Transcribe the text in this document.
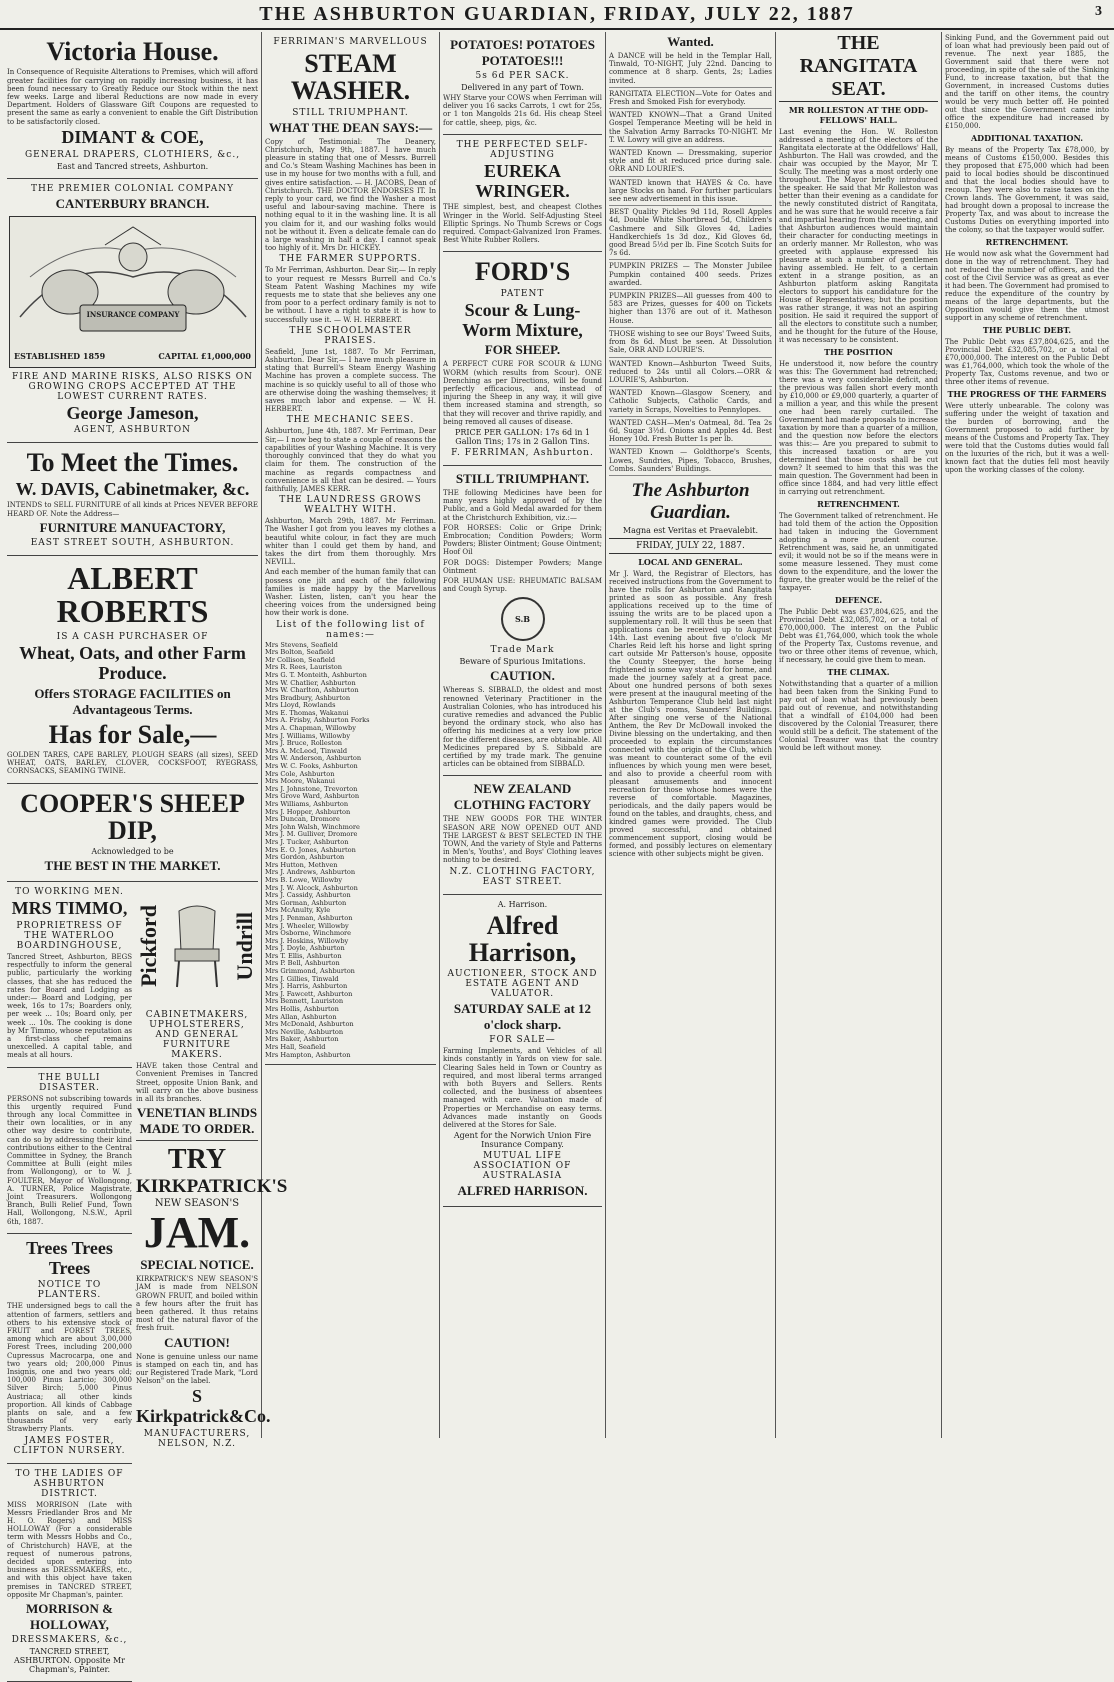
THE ASHBURTON GUARDIAN, FRIDAY, JULY 22, 1887	3
Victoria House.
In Consequence of Requisite Alterations to Premises, which will afford greater facilities for carrying on rapidly increasing business, it has been found necessary to Greatly Reduce our Stock within the next few weeks. Large and liberal Reductions are now made in every Department. Holders of Glassware Gift Coupons are requested to present the same as early a convenient to enable the Gift Distribution to be satisfactorily closed.
DIMANT & COE,
GENERAL DRAPERS, CLOTHIERS, &c.,
East and Tancred streets, Ashburton.
THE PREMIER COLONIAL COMPANY
CANTERBURY BRANCH.
INSURANCE COMPANY
ESTABLISHED 1859	CAPITAL £1,000,000
FIRE AND MARINE RISKS, ALSO RISKS ON GROWING CROPS ACCEPTED AT THE LOWEST CURRENT RATES.
George Jameson,
AGENT, ASHBURTON
To Meet the Times.
W. DAVIS, Cabinetmaker, &c.
INTENDS to SELL FURNITURE of all kinds at Prices NEVER BEFORE HEARD OF. Note the Address—
FURNITURE MANUFACTORY,
EAST STREET SOUTH, ASHBURTON.
ALBERT ROBERTS
IS A CASH PURCHASER OF
Wheat, Oats, and other Farm Produce.
Offers STORAGE FACILITIES on Advantageous Terms.
Has for Sale,—
GOLDEN TARES, CAPE BARLEY, PLOUGH SEARS (all sizes), SEED WHEAT, OATS, BARLEY, CLOVER, COCKSFOOT, RYEGRASS, CORNSACKS, SEAMING TWINE.
COOPER'S SHEEP DIP,
Acknowledged to be
THE BEST IN THE MARKET.
TO WORKING MEN.
MRS TIMMO,
PROPRIETRESS OF THE WATERLOO BOARDINGHOUSE,
Tancred Street, Ashburton, BEGS respectfully to inform the general public, particularly the working classes, that she has reduced the rates for Board and Lodging as under:— Board and Lodging, per week, 16s to 17s; Boarders only, per week ... 10s; Board only, per week ... 10s. The cooking is done by Mr Timmo, whose reputation as a first-class chef remains unexcelled. A capital table, and meals at all hours.
THE BULLI DISASTER.
PERSONS not subscribing towards this urgently required Fund through any local Committee in their own localities, or in any other way desire to contribute, can do so by addressing their kind contributions either to the Central Committee in Sydney, the Branch Committee at Bulli (eight miles from Wollongong), or to W. J. FOULTER, Mayor of Wollongong, A. TURNER, Police Magistrate, Joint Treasurers. Wollongong Branch, Bulli Relief Fund, Town Hall, Wollongong, N.S.W., April 6th, 1887.
Trees Trees Trees
NOTICE TO PLANTERS.
THE undersigned begs to call the attention of farmers, settlers and others to his extensive stock of FRUIT and FOREST TREES, among which are about 3,00,000 Forest Trees, including 200,000 Cupressus Macrocarpa, one and two years old; 200,000 Pinus Insignis, one and two years old; 100,000 Pinus Laricio; 300,000 Silver Birch; 5,000 Pinus Austriaca; all other kinds proportion. All kinds of Cabbage plants on sale, and a few thousands of very early Strawberry Plants.
JAMES FOSTER, CLIFTON NURSERY.
TO THE LADIES OF ASHBURTON DISTRICT.
MISS MORRISON (Late with Messrs Friedlander Bros and Mr H. O. Rogers) and MISS HOLLOWAY (For a considerable term with Messrs Hobbs and Co., of Christchurch) HAVE, at the request of numerous patrons, decided upon entering into business as DRESSMAKERS, etc., and with this object have taken premises in TANCRED STREET, opposite Mr Chapman's, painter.
MORRISON & HOLLOWAY,
DRESSMAKERS, &c.,
TANCRED STREET, ASHBURTON. Opposite Mr Chapman's, Painter.
Pickford	Undrill
CABINETMAKERS, UPHOLSTERERS, AND GENERAL FURNITURE MAKERS.
HAVE taken those Central and Convenient Premises in Tancred Street, opposite Union Bank, and will carry on the above business in all its branches.
VENETIAN BLINDS MADE TO ORDER.
TRY
KIRKPATRICK'S
NEW SEASON'S
JAM.
SPECIAL NOTICE.
KIRKPATRICK'S NEW SEASON'S JAM is made from NELSON GROWN FRUIT, and boiled within a few hours after the fruit has been gathered. It thus retains most of the natural flavor of the fresh fruit.
CAUTION!
None is genuine unless our name is stamped on each tin, and has our Registered Trade Mark, "Lord Nelson" on the label.
S Kirkpatrick&Co.
MANUFACTURERS, NELSON, N.Z.
FERRIMAN'S MARVELLOUS
STEAM WASHER.
STILL TRIUMPHANT.
WHAT THE DEAN SAYS:—
Copy of Testimonial: The Deanery, Christchurch, May 9th, 1887. I have much pleasure in stating that one of Messrs. Burrell and Co.'s Steam Washing Machines has been in use in my house for two months with a full, and gives entire satisfaction. — H. JACOBS, Dean of Christchurch. THE DOCTOR ENDORSES IT. In reply to your card, we find the Washer a most useful and labour-saving machine. There is nothing equal to it in the washing line. It is all you claim for it, and our washing folks would not be without it. Even a delicate female can do a large washing in half a day. I cannot speak too highly of it. Mrs Dr. HICKEY.
THE FARMER SUPPORTS.
To Mr Ferriman, Ashburton. Dear Sir,— In reply to your request re Messrs Burrell and Co.'s Steam Patent Washing Machines my wife requests me to state that she believes any one from poor to a perfect ordinary family is not to be without. I have a right to state it is how to successfully use it. — W. H. HERBERT.
THE SCHOOLMASTER PRAISES.
Seafield, June 1st, 1887. To Mr Ferriman, Ashburton. Dear Sir,— I have much pleasure in stating that Burrell's Steam Energy Washing Machine has proven a complete success. The machine is so quickly useful to all of those who are otherwise doing the washing themselves; it saves much labor and expense. — W. H. HERBERT.
THE MECHANIC SEES.
Ashburton, June 4th, 1887. Mr Ferriman, Dear Sir,— I now beg to state a couple of reasons the capabilities of your Washing Machine. It is very thoroughly convinced that they do what you claim for them. The construction of the machine as regards compactness and convenience is all that can be desired. — Yours faithfully, JAMES KERR.
THE LAUNDRESS GROWS WEALTHY WITH.
Ashburton, March 29th, 1887. Mr Ferriman. The Washer I got from you leaves my clothes a beautiful white colour, in fact they are much whiter than I could get them by hand, and takes the dirt from them thoroughly. Mrs NEVILL.
And each member of the human family that can possess one jilt and each of the following families is made happy by the Marvellous Washer. Listen, listen, can't you hear the cheering voices from the undersigned being how their work is done.
List of the following list of names:—
Mrs Stevens, Seafield
Mrs Bolton, Seafield
Mr Collison, Seafield
Mrs R. Rees, Lauriston
Mrs G. T. Monteith, Ashburton
Mrs W. Chatlier, Ashburton
Mrs W. Charlton, Ashburton
Mrs Bradbury, Ashburton
Mrs Lloyd, Rowlands
Mrs E. Thomas, Wakanui
Mrs A. Frisby, Ashburton Forks
Mrs A. Chapman, Willowby
Mrs J. Williams, Willowby
Mrs J. Bruce, Rolleston
Mrs A. McLeod, Tinwald
Mrs W. Anderson, Ashburton
Mrs W. C. Fooks, Ashburton
Mrs Cole, Ashburton
Mrs Moore, Wakanui
Mrs J. Johnstone, Trevorton
Mrs Grove Ward, Ashburton
Mrs Williams, Ashburton
Mrs J. Hopper, Ashburton
Mrs Duncan, Dromore
Mrs John Walsh, Winchmore
Mrs J. M. Gulliver, Dromore
Mrs J. Tucker, Ashburton
Mrs E. O. Jones, Ashburton
Mrs Gordon, Ashburton
Mrs Hutton, Methven
Mrs J. Andrews, Ashburton
Mrs B. Lowe, Willowby
Mrs J. W. Alcock, Ashburton
Mrs J. Cassidy, Ashburton
Mrs Gorman, Ashburton
Mrs McAnulty, Kyle
Mrs J. Penman, Ashburton
Mrs J. Wheeler, Willowby
Mrs Osborne, Winchmore
Mrs J. Hoskins, Willowby
Mrs J. Doyle, Ashburton
Mrs T. Ellis, Ashburton
Mrs P. Bell, Ashburton
Mrs Grimmond, Ashburton
Mrs J. Gillies, Tinwald
Mrs J. Harris, Ashburton
Mrs J. Fawcett, Ashburton
Mrs Bennett, Lauriston
Mrs Hollis, Ashburton
Mrs Allan, Ashburton
Mrs McDonald, Ashburton
Mrs Neville, Ashburton
Mrs Baker, Ashburton
Mrs Hall, Seafield
Mrs Hampton, Ashburton
POTATOES! POTATOES POTATOES!!!
5s 6d PER SACK.
Delivered in any part of Town.
WHY Starve your COWS when Ferriman will deliver you 16 sacks Carrots, 1 cwt for 25s, or 1 ton Mangolds 21s 6d. His cheap Steel for cattle, sheep, pigs, &c.
THE PERFECTED SELF-ADJUSTING
EUREKA WRINGER.
THE simplest, best, and cheapest Clothes Wringer in the World. Self-Adjusting Steel Elliptic Springs. No Thumb Screws or Cogs required. Compact-Galvanized Iron Frames. Best White Rubber Rollers.
FORD'S
PATENT
Scour & Lung-Worm Mixture,
FOR SHEEP.
A PERFECT CURE FOR SCOUR & LUNG WORM (which results from Scour). ONE Drenching as per Directions, will be found perfectly efficacious, and, instead of injuring the Sheep in any way, it will give them increased stamina and strength, so that they will recover and thrive rapidly, and being removed all causes of disease.
PRICE PER GALLON: 17s 6d in 1 Gallon Tins; 17s in 2 Gallon Tins.
F. FERRIMAN, Ashburton.
STILL TRIUMPHANT.
THE following Medicines have been for many years highly approved of by the Public, and a Gold Medal awarded for them at the Christchurch Exhibition, viz.:—
FOR HORSES: Colic or Gripe Drink; Embrocation; Condition Powders; Worm Powders; Blister Ointment; Gouse Ointment; Hoof Oil
FOR DOGS: Distemper Powders; Mange Ointment
FOR HUMAN USE: RHEUMATIC BALSAM and Cough Syrup.
S.B
Trade Mark
Beware of Spurious Imitations.
CAUTION.
Whereas S. SIBBALD, the oldest and most renowned Veterinary Practitioner in the Australian Colonies, who has introduced his curative remedies and advanced the Public beyond the ordinary stock, who also has offering his medicines at a very low price for the different diseases, are obtainable. All Medicines prepared by S. Sibbald are certified by my trade mark. The genuine articles can be obtained from SIBBALD.
NEW ZEALAND CLOTHING FACTORY
THE NEW GOODS FOR THE WINTER SEASON ARE NOW OPENED OUT AND THE LARGEST & BEST SELECTED IN THE TOWN, And the variety of Style and Patterns in Men's, Youths', and Boys' Clothing leaves nothing to be desired.
N.Z. CLOTHING FACTORY, EAST STREET.
A. Harrison.
Alfred Harrison,
AUCTIONEER, STOCK AND ESTATE AGENT AND VALUATOR.
SATURDAY SALE at 12 o'clock sharp.
FOR SALE—
Farming Implements, and Vehicles of all kinds constantly in Yards on view for sale. Clearing Sales held in Town or Country as required, and most liberal terms arranged with both Buyers and Sellers. Rents collected, and the business of absentees managed with care. Valuation made of Properties or Merchandise on easy terms. Advances made instantly on Goods delivered at the Stores for Sale.
Agent for the Norwich Union Fire Insurance Company.
MUTUAL LIFE ASSOCIATION OF AUSTRALASIA
ALFRED HARRISON.
Wanted.
A DANCE will be held in the Templar Hall, Tinwald, TO-NIGHT, July 22nd. Dancing to commence at 8 sharp. Gents, 2s; Ladies invited.
RANGITATA ELECTION—Vote for Oates and Fresh and Smoked Fish for everybody.
WANTED KNOWN—That a Grand United Gospel Temperance Meeting will be held in the Salvation Army Barracks TO-NIGHT. Mr T. W. Lowry will give an address.
WANTED Known — Dressmaking, superior style and fit at reduced price during sale. ORR AND LOURIE'S.
WANTED known that HAYES & Co. have large Stocks on hand. For further particulars see new advertisement in this issue.
BEST Quality Pickles 9d 11d, Rosell Apples 4d, Double White Shortbread 5d, Children's Cashmere and Silk Gloves 4d, Ladies Handkerchiefs 1s 3d doz., Kid Gloves 6d, good Bread 5½d per lb. Fine Scotch Suits for 7s 6d.
PUMPKIN PRIZES — The Monster Jubilee Pumpkin contained 400 seeds. Prizes awarded.
PUMPKIN PRIZES—All guesses from 400 to 583 are Prizes, guesses for 400 on Tickets higher than 1376 are out of it. Matheson House.
THOSE wishing to see our Boys' Tweed Suits, from 8s 6d. Must be seen. At Dissolution Sale, ORR AND LOURIE'S.
WANTED Known—Ashburton Tweed Suits, reduced to 24s until all Colors.—ORR & LOURIE'S, Ashburton.
WANTED Known—Glasgow Scenery, and Catholic Subjects, Catholic Cards, and variety in Scraps, Novelties to Pennylopes.
WANTED CASH—Men's Oatmeal, 8d. Tea 2s 6d, Sugar 3½d. Onions and Apples 4d. Best Honey 10d. Fresh Butter 1s per lb.
WANTED Known — Goldthorpe's Scents, Lowes, Sundries, Pipes, Tobacco, Brushes, Combs. Saunders' Buildings.
The Ashburton Guardian.
Magna est Veritas et Praevalebit.
FRIDAY, JULY 22, 1887.
LOCAL AND GENERAL.
Mr J. Ward, the Registrar of Electors, has received instructions from the Government to have the rolls for Ashburton and Rangitata printed as soon as possible. Any fresh applications received up to the time of issuing the writs are to be placed upon a supplementary roll. It will thus be seen that applications can be received up to August 14th. Last evening about five o'clock Mr Charles Reid left his horse and light spring cart outside Mr Patterson's house, opposite the County Steepyer, the horse being frightened in some way started for home, and made the journey safely at a great pace. About one hundred persons of both sexes were present at the inaugural meeting of the Ashburton Temperance Club held last night at the Club's rooms, Saunders' Buildings. After singing one verse of the National Anthem, the Rev Dr McDowall invoked the Divine blessing on the undertaking, and then proceeded to explain the circumstances connected with the origin of the Club, which was meant to counteract some of the evil influences by which young men were beset, and also to provide a cheerful room with pleasant amusements and innocent recreation for those whose homes were the reverse of comfortable. Magazines, periodicals, and the daily papers would be found on the tables, and draughts, chess, and kindred games were provided. The Club proved successful, and obtained commencement support, closing would be formed, and possibly lectures on elementary science with other subjects might be given.
THE RANGITATA SEAT.
MR ROLLESTON AT THE ODD-FELLOWS' HALL.
Last evening the Hon. W. Rolleston addressed a meeting of the electors of the Rangitata electorate at the Oddfellows' Hall, Ashburton. The Hall was crowded, and the chair was occupied by the Mayor, Mr T. Scully. The meeting was a most orderly one throughout. The Mayor briefly introduced the speaker. He said that Mr Rolleston was better than their evening as a candidate for the newly constituted district of Rangitata, and he was sure that he would receive a fair and impartial hearing from the meeting, and that Ashburton audiences would maintain their character for conducting meetings in an orderly manner. Mr Rolleston, who was greeted with applause expressed his pleasure at such a number of gentlemen having assembled. He felt, to a certain extent in a strange position, as an Ashburton platform asking Rangitata electors to support his candidature for the House of Representatives; but the position was rather strange, it was not an aspiring position. He said it required the support of all the electors to constitute such a number, and he thought for the future of the House, it was necessary to be consistent.
THE POSITION
He understood it, now before the country was this: The Government had retrenched; there was a very considerable deficit, and the previous was fallen short every month by £10,000 or £9,000 quarterly, a quarter of a million a year, and this while the present one had been rarely curtailed. The Government had made proposals to increase taxation by more than a quarter of a million, and the question now before the electors was this:— Are you prepared to submit to this increased taxation or are you determined that those costs shall be cut down? It seemed to him that this was the main question. The Government had been in office since 1884, and had very little effect in carrying out retrenchment.
RETRENCHMENT.
The Government talked of retrenchment. He had told them of the action the Opposition had taken in inducing the Government adopting a more prudent course. Retrenchment was, said he, an unmitigated evil; it would not be so if the means were in some measure lessened. They must come down to the expenditure, and the lower the figure, the greater would be the relief of the taxpayer.
DEFENCE.
The Public Debt was £37,804,625, and the Provincial Debt £32,085,702, or a total of £70,000,000. The interest on the Public Debt was £1,764,000, which took the whole of the Property Tax, Customs revenue, and two or three other items of revenue, which, if necessary, he could give them to mean.
THE CLIMAX.
Notwithstanding that a quarter of a million had been taken from the Sinking Fund to pay out of loan what had previously been paid out of revenue, and notwithstanding that a windfall of £104,000 had been discovered by the Colonial Treasurer, there would still be a deficit. The statement of the Colonial Treasurer was that the country would be left without money.
Sinking Fund, and the Government paid out of loan what had previously been paid out of revenue. The next year 1885, the Government said that there were not proceeding, in spite of the sale of the Sinking Fund, to increase taxation, but that the Government, in increased Customs duties and the tariff on other items, the country would be very much better off. He pointed out that since the Government came into office the expenditure had increased by £150,000.
ADDITIONAL TAXATION.
By means of the Property Tax £78,000, by means of Customs £150,000. Besides this they proposed that £75,000 which had been paid to local bodies should be discontinued and that the local bodies should have to recoup. They were also to raise taxes on the Crown lands. The Government, it was said, had brought down a proposal to increase the Property Tax, and was about to increase the Customs Duties on everything imported into the colony, so that the taxpayer would suffer.
RETRENCHMENT.
He would now ask what the Government had done in the way of retrenchment. They had not reduced the number of officers, and the cost of the Civil Service was as great as ever it had been. The Government had promised to reduce the expenditure of the country by means of the large departments, but the Opposition would give them the utmost support in any scheme of retrenchment.
THE PUBLIC DEBT.
The Public Debt was £37,804,625, and the Provincial Debt £32,085,702, or a total of £70,000,000. The interest on the Public Debt was £1,764,000, which took the whole of the Property Tax, Customs revenue, and two or three other items of revenue.
THE PROGRESS OF THE FARMERS
Were utterly unbearable. The colony was suffering under the weight of taxation and the burden of borrowing, and the Government proposed to add further by means of the Customs and Property Tax. They were told that the Customs duties would fall on the luxuries of the rich, but it was a well-known fact that the duties fell most heavily upon the working classes of the colony.
